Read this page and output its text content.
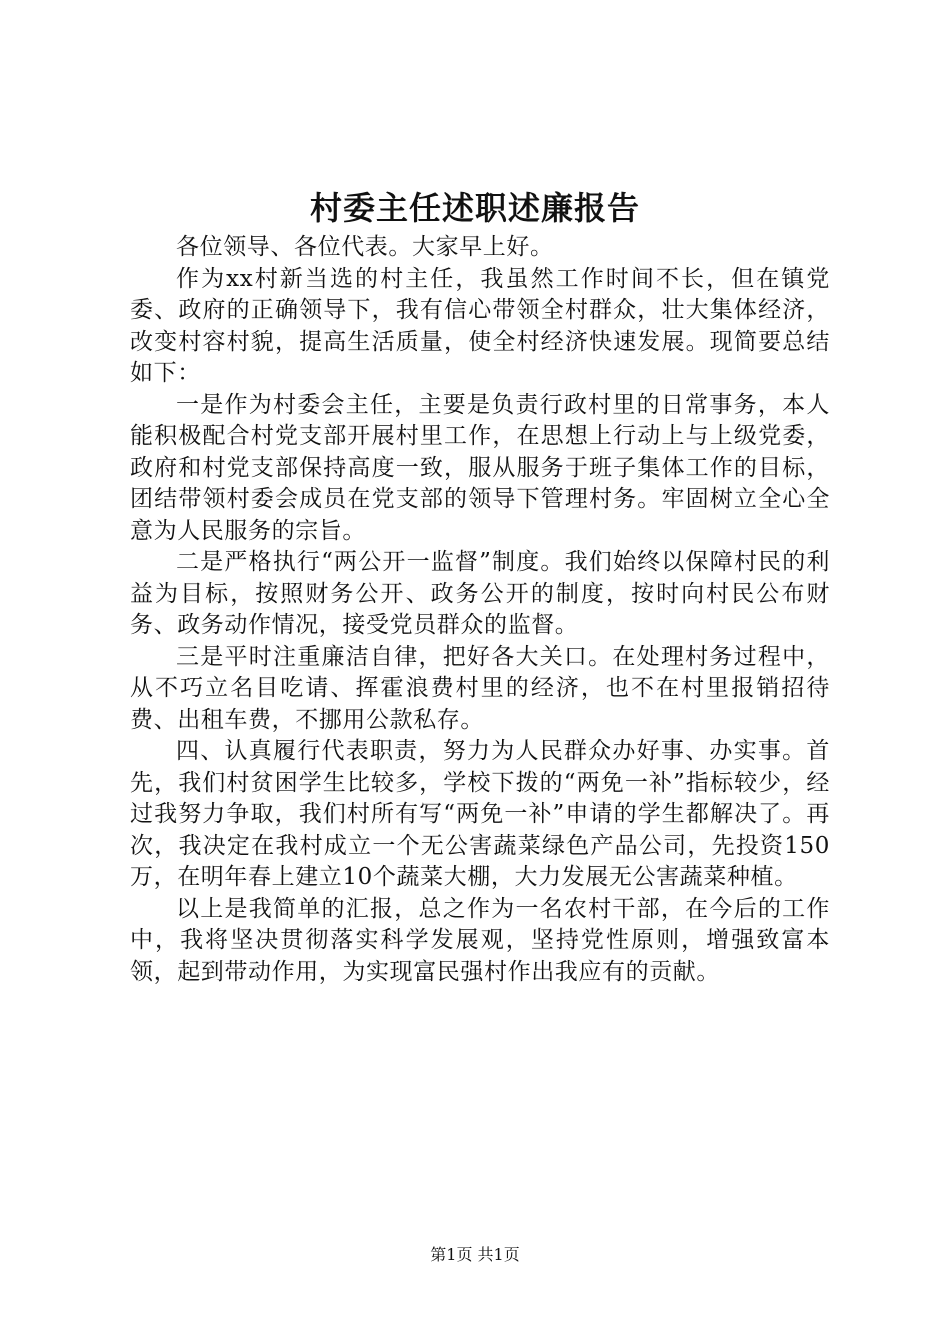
村委主任述职述廉报告

各位领导、各位代表。大家早上好。

作为xx村新当选的村主任，我虽然工作时间不长，但在镇党委、政府的正确领导下，我有信心带领全村群众，壮大集体经济，改变村容村貌，提高生活质量，使全村经济快速发展。现简要总结如下：

一是作为村委会主任，主要是负责行政村里的日常事务，本人能积极配合村党支部开展村里工作，在思想上行动上与上级党委，政府和村党支部保持高度一致，服从服务于班子集体工作的目标，团结带领村委会成员在党支部的领导下管理村务。牢固树立全心全意为人民服务的宗旨。

二是严格执行“两公开一监督”制度。我们始终以保障村民的利益为目标，按照财务公开、政务公开的制度，按时向村民公布财务、政务动作情况，接受党员群众的监督。

三是平时注重廉洁自律，把好各大关口。在处理村务过程中，从不巧立名目吃请、挥霍浪费村里的经济，也不在村里报销招待费、出租车费，不挪用公款私存。

四、认真履行代表职责，努力为人民群众办好事、办实事。首先，我们村贫困学生比较多，学校下拨的“两免一补”指标较少，经过我努力争取，我们村所有写“两免一补”申请的学生都解决了。再次，我决定在我村成立一个无公害蔬菜绿色产品公司，先投资150万，在明年春上建立10个蔬菜大棚，大力发展无公害蔬菜种植。

以上是我简单的汇报，总之作为一名农村干部，在今后的工作中，我将坚决贯彻落实科学发展观，坚持党性原则，增强致富本领，起到带动作用，为实现富民强村作出我应有的贡献。

第1页 共1页
